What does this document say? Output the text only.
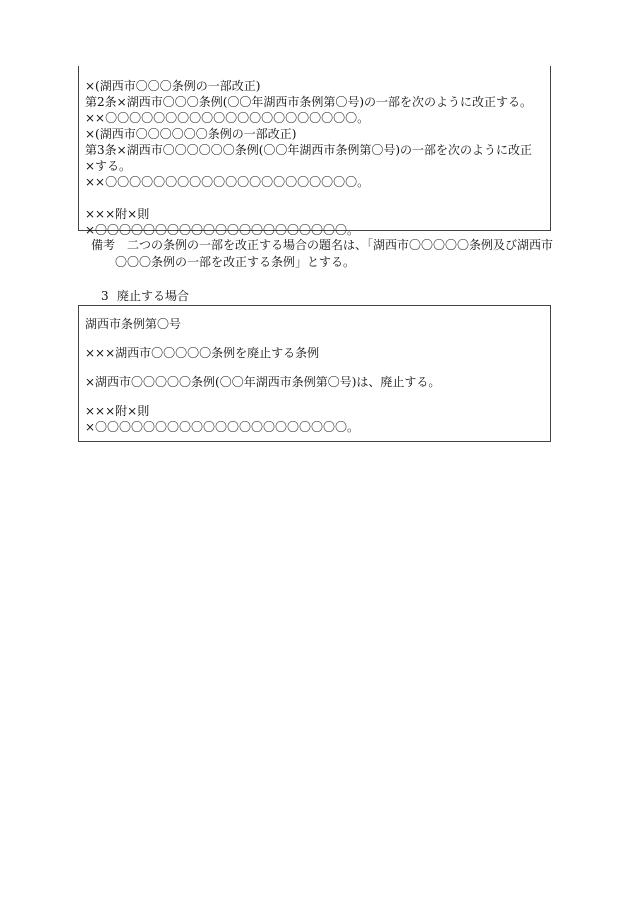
×(湖西市〇〇〇条例の一部改正)
第2条×湖西市〇〇〇条例(〇〇年湖西市条例第〇号)の一部を次のように改正する。
××〇〇〇〇〇〇〇〇〇〇〇〇〇〇〇〇〇〇〇〇〇。
×(湖西市〇〇〇〇〇〇条例の一部改正)
第3条×湖西市〇〇〇〇〇〇条例(〇〇年湖西市条例第〇号)の一部を次のように改正
×する。
××〇〇〇〇〇〇〇〇〇〇〇〇〇〇〇〇〇〇〇〇〇。
×××附×則
×〇〇〇〇〇〇〇〇〇〇〇〇〇〇〇〇〇〇〇〇〇。
備考 二つの条例の一部を改正する場合の題名は、「湖西市〇〇〇〇〇条例及び湖西市
〇〇〇条例の一部を改正する条例」とする。
3 廃止する場合
湖西市条例第〇号
×××湖西市〇〇〇〇〇条例を廃止する条例
×湖西市〇〇〇〇〇条例(〇〇年湖西市条例第〇号)は、廃止する。
×××附×則
×〇〇〇〇〇〇〇〇〇〇〇〇〇〇〇〇〇〇〇〇〇。
